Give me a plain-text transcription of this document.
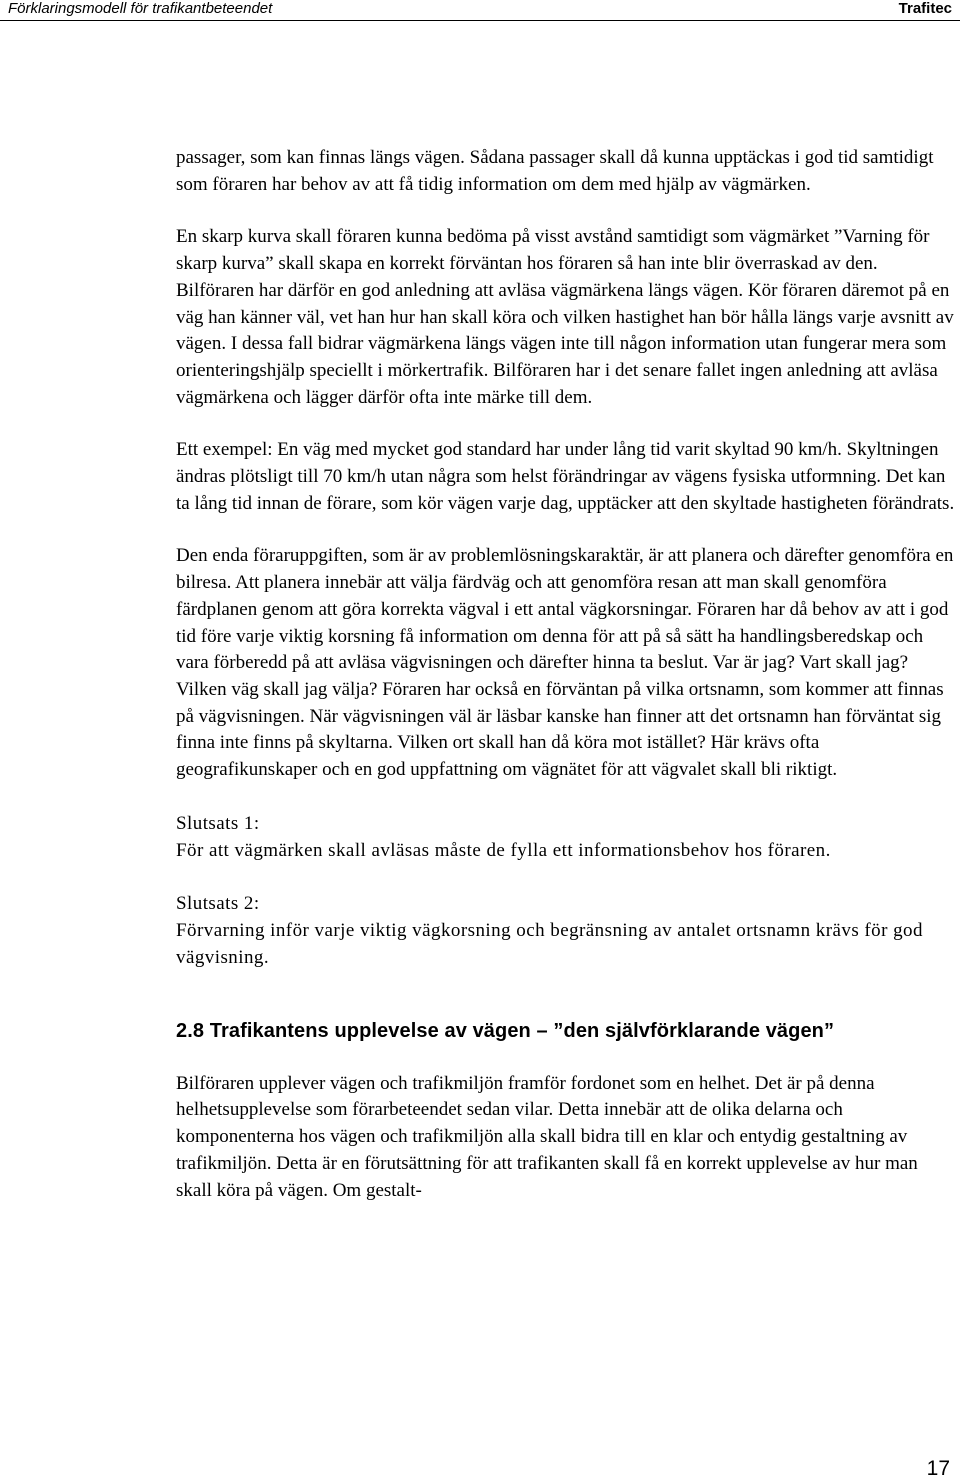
Förklaringsmodell för trafikantbeteendet	Trafitec

passager, som kan finnas längs vägen. Sådana passager skall då kunna upptäckas i god tid samtidigt som föraren har behov av att få tidig information om dem med hjälp av vägmärken.

En skarp kurva skall föraren kunna bedöma på visst avstånd samtidigt som vägmärket ”Varning för skarp kurva” skall skapa en korrekt förväntan hos föraren så han inte blir överraskad av den. Bilföraren har därför en god anledning att avläsa vägmärkena längs vägen. Kör föraren däremot på en väg han känner väl, vet han hur han skall köra och vilken hastighet han bör hålla längs varje avsnitt av vägen. I dessa fall bidrar vägmärkena längs vägen inte till någon information utan fungerar mera som orienteringshjälp speciellt i mörkertrafik. Bilföraren har i det senare fallet ingen anledning att avläsa vägmärkena och lägger därför ofta inte märke till dem.

Ett exempel: En väg med mycket god standard har under lång tid varit skyltad 90 km/h. Skyltningen ändras plötsligt till 70 km/h utan några som helst förändringar av vägens fysiska utformning. Det kan ta lång tid innan de förare, som kör vägen varje dag, upptäcker att den skyltade hastigheten förändrats.

Den enda föraruppgiften, som är av problemlösningskaraktär, är att planera och därefter genomföra en bilresa. Att planera innebär att välja färdväg och att genomföra resan att man skall genomföra färdplanen genom att göra korrekta vägval i ett antal vägkorsningar. Föraren har då behov av att i god tid före varje viktig korsning få information om denna för att på så sätt ha handlingsberedskap och vara förberedd på att avläsa vägvisningen och därefter hinna ta beslut. Var är jag? Vart skall jag? Vilken väg skall jag välja? Föraren har också en förväntan på vilka ortsnamn, som kommer att finnas på vägvisningen. När vägvisningen väl är läsbar kanske han finner att det ortsnamn han förväntat sig finna inte finns på skyltarna. Vilken ort skall han då köra mot istället? Här krävs ofta geografikunskaper och en god uppfattning om vägnätet för att vägvalet skall bli riktigt.

Slutsats 1:
För att vägmärken skall avläsas måste de fylla ett informationsbehov hos föraren.
Slutsats 2:
Förvarning inför varje viktig vägkorsning och begränsning av antalet ortsnamn krävs för god vägvisning.
2.8 Trafikantens upplevelse av vägen – ”den självförklarande vägen”

Bilföraren upplever vägen och trafikmiljön framför fordonet som en helhet. Det är på denna helhetsupplevelse som förarbeteendet sedan vilar. Detta innebär att de olika delarna och komponenterna hos vägen och trafikmiljön alla skall bidra till en klar och entydig gestaltning av trafikmiljön. Detta är en förutsättning för att trafikanten skall få en korrekt upplevelse av hur man skall köra på vägen. Om gestalt-

17
